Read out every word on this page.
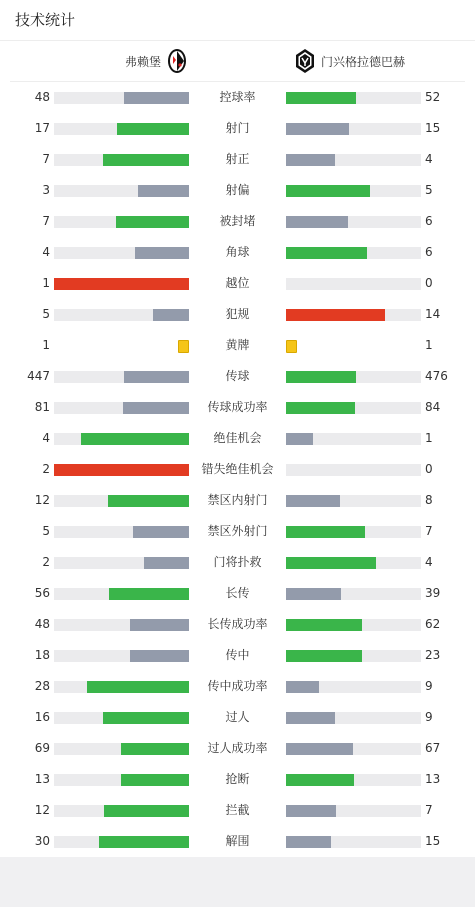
技术统计
弗赖堡	门兴格拉德巴赫
48	控球率	52
17	射门	15
7	射正	4
3	射偏	5
7	被封堵	6
4	角球	6
1	越位	0
5	犯规	14
1	黄牌	1
447	传球	476
81	传球成功率	84
4	绝佳机会	1
2	错失绝佳机会	0
12	禁区内射门	8
5	禁区外射门	7
2	门将扑救	4
56	长传	39
48	长传成功率	62
18	传中	23
28	传中成功率	9
16	过人	9
69	过人成功率	67
13	抢断	13
12	拦截	7
30	解围	15
